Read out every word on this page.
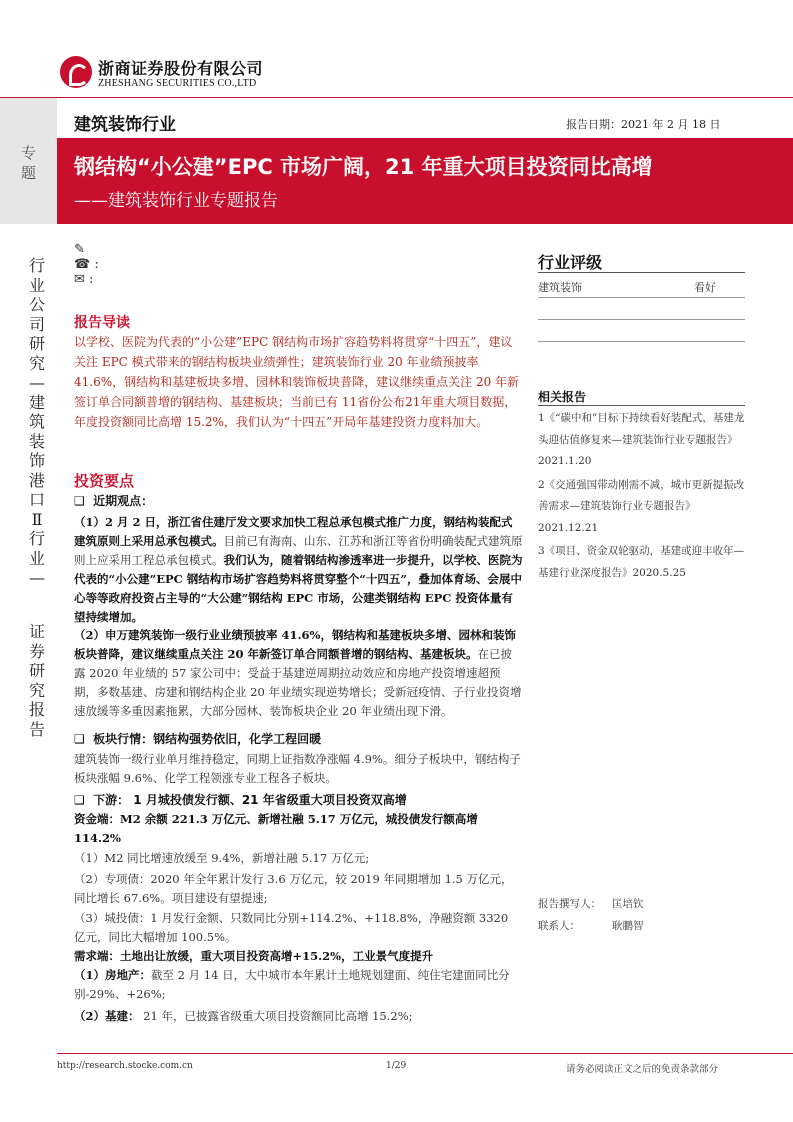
浙商证券股份有限公司
ZHESHANG SECURITIES CO.,LTD
建筑装饰行业	报告日期：2021 年 2 月 18 日
钢结构“小公建”EPC 市场广阔，21 年重大项目投资同比高增
——建筑装饰行业专题报告
专题
行业公司研究—建筑装饰港口Ⅱ行业—
证券研究报告
✎
☎ :
✉ :
报告导读
以学校、医院为代表的“小公建”EPC 钢结构市场扩容趋势料将贯穿“十四五”，建议关注 EPC 模式带来的钢结构板块业绩弹性；建筑装饰行业 20 年业绩预披率 41.6%，钢结构和基建板块多增、园林和装饰板块普降，建议继续重点关注 20 年新签订单合同额普增的钢结构、基建板块；当前已有 11省份公布21年重大项目数据，年度投资额同比高增 15.2%，我们认为“十四五”开局年基建投资力度料加大。
投资要点
❑ 近期观点：
（1）2 月 2 日，浙江省住建厅发文要求加快工程总承包模式推广力度，钢结构装配式建筑原则上采用总承包模式。目前已有海南、山东、江苏和浙江等省份明确装配式建筑原则上应采用工程总承包模式。我们认为，随着钢结构渗透率进一步提升，以学校、医院为代表的“小公建”EPC 钢结构市场扩容趋势料将贯穿整个“十四五”，叠加体育场、会展中心等等政府投资占主导的“大公建”钢结构 EPC 市场，公建类钢结构 EPC 投资体量有望持续增加。
（2）申万建筑装饰一级行业业绩预披率 41.6%，钢结构和基建板块多增、园林和装饰板块普降，建议继续重点关注 20 年新签订单合同额普增的钢结构、基建板块。在已披露 2020 年业绩的 57 家公司中：受益于基建逆周期拉动效应和房地产投资增速超预期，多数基建、房建和钢结构企业 20 年业绩实现逆势增长；受新冠疫情、子行业投资增速放缓等多重因素拖累，大部分园林、装饰板块企业 20 年业绩出现下滑。
❑ 板块行情：钢结构强势依旧，化学工程回暖
建筑装饰一级行业单月维持稳定，同期上证指数净涨幅 4.9%。细分子板块中，钢结构子板块涨幅 9.6%、化学工程领涨专业工程各子板块。
❑ 下游： 1 月城投债发行额、21 年省级重大项目投资双高增
资金端：M2 余额 221.3 万亿元、新增社融 5.17 万亿元，城投债发行额高增 114.2%
（1）M2 同比增速放缓至 9.4%，新增社融 5.17 万亿元;
（2）专项债：2020 年全年累计发行 3.6 万亿元，较 2019 年同期增加 1.5 万亿元，同比增长 67.6%。项目建设有望提速;
（3）城投债：1 月发行金额、只数同比分别+114.2%、+118.8%，净融资额 3320 亿元，同比大幅增加 100.5%。
需求端：土地出让放缓，重大项目投资高增+15.2%，工业景气度提升
（1）房地产：截至 2 月 14 日，大中城市本年累计土地规划建面、纯住宅建面同比分别-29%、+26%;
（2）基建： 21 年，已披露省级重大项目投资额同比高增 15.2%;
行业评级
建筑装饰	看好
相关报告
1《“碳中和”目标下持续看好装配式，基建龙头迎估值修复来—建筑装饰行业专题报告》2021.1.20
2《交通强国带动刚需不减，城市更新提振改善需求—建筑装饰行业专题报告》2021.12.21
3《项目、资金双轮驱动，基建或迎丰收年—基建行业深度报告》2020.5.25
报告撰写人： 匡培钦
联系人：	耿鹏智
http://research.stocke.com.cn	1/29	请务必阅读正文之后的免责条款部分
